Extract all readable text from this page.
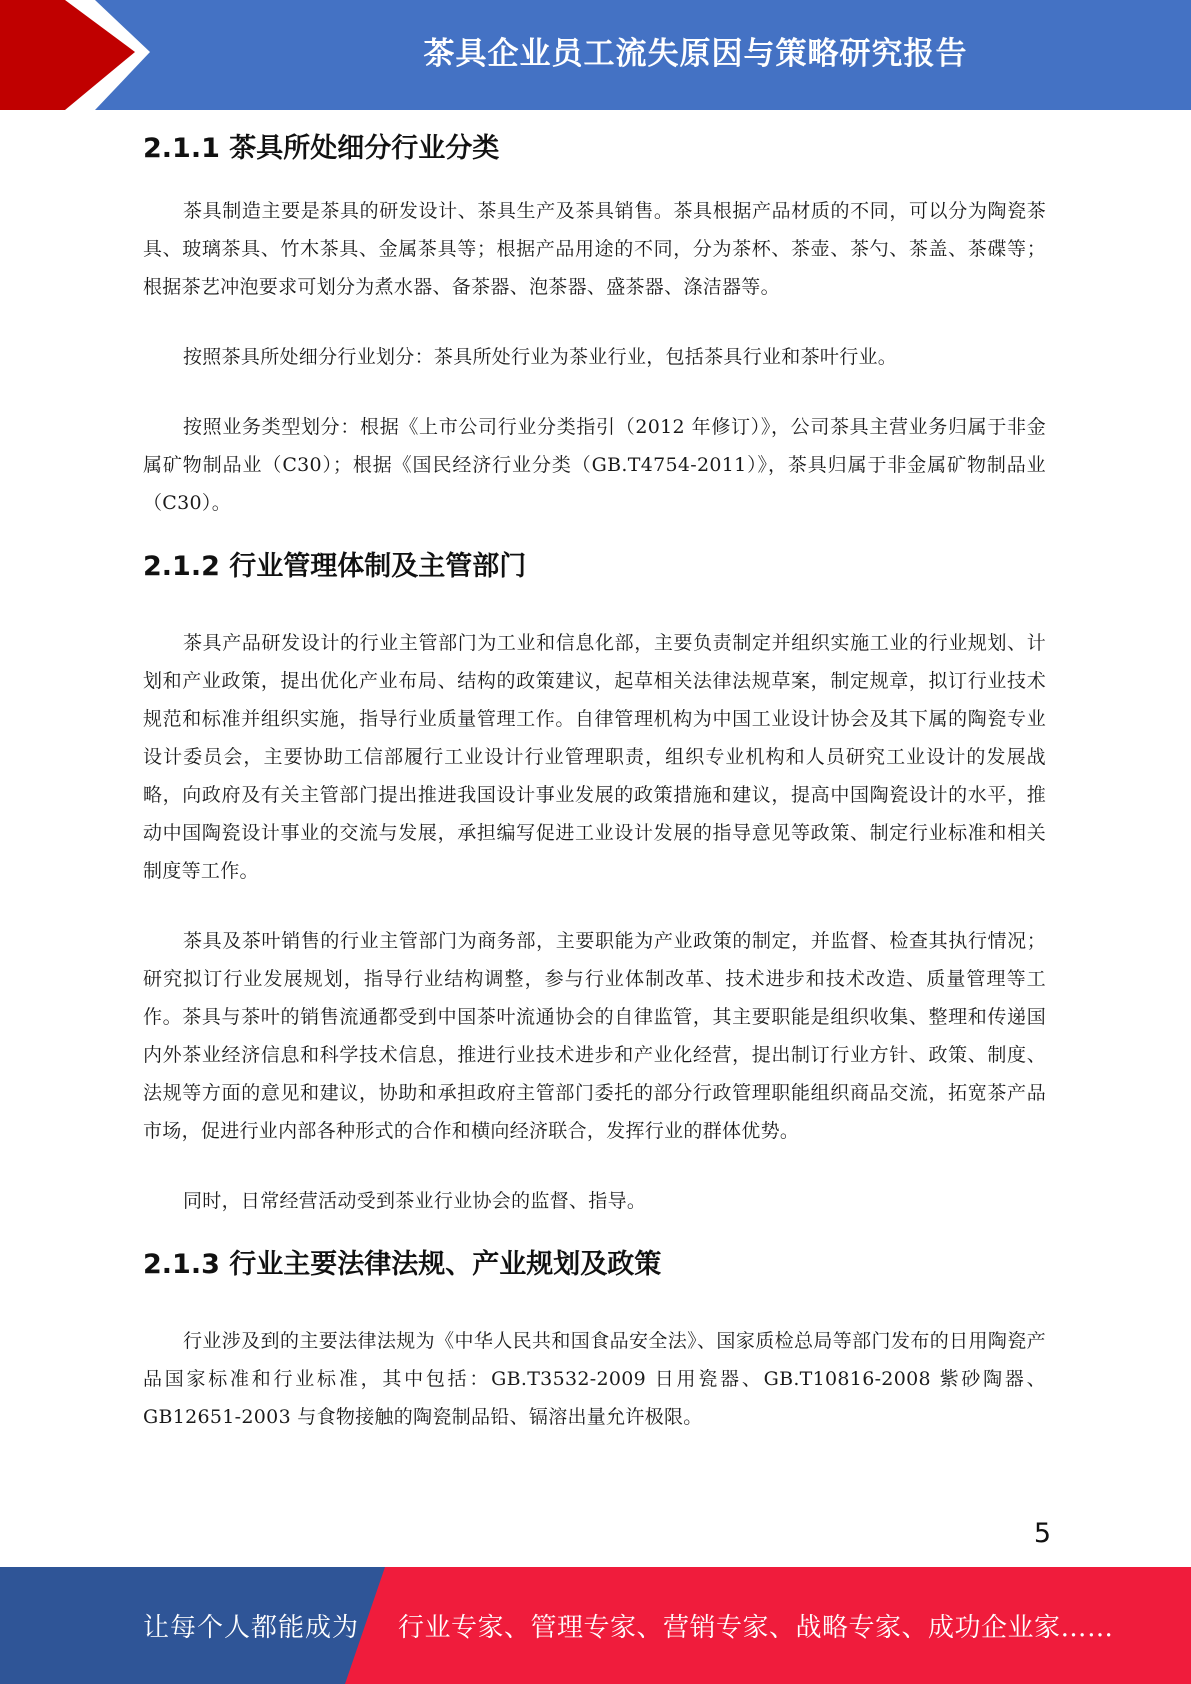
茶具企业员工流失原因与策略研究报告
2.1.1 茶具所处细分行业分类

茶具制造主要是茶具的研发设计、茶具生产及茶具销售。茶具根据产品材质的不同，可以分为陶瓷茶具、玻璃茶具、竹木茶具、金属茶具等；根据产品用途的不同，分为茶杯、茶壶、茶勺、茶盖、茶碟等；根据茶艺冲泡要求可划分为煮水器、备茶器、泡茶器、盛茶器、涤洁器等。

按照茶具所处细分行业划分：茶具所处行业为茶业行业，包括茶具行业和茶叶行业。

按照业务类型划分：根据《上市公司行业分类指引（2012 年修订）》，公司茶具主营业务归属于非金属矿物制品业（C30）；根据《国民经济行业分类（GB.T4754-2011）》，茶具归属于非金属矿物制品业（C30）。

2.1.2 行业管理体制及主管部门

茶具产品研发设计的行业主管部门为工业和信息化部，主要负责制定并组织实施工业的行业规划、计划和产业政策，提出优化产业布局、结构的政策建议，起草相关法律法规草案，制定规章，拟订行业技术规范和标准并组织实施，指导行业质量管理工作。自律管理机构为中国工业设计协会及其下属的陶瓷专业设计委员会，主要协助工信部履行工业设计行业管理职责，组织专业机构和人员研究工业设计的发展战略，向政府及有关主管部门提出推进我国设计事业发展的政策措施和建议，提高中国陶瓷设计的水平，推动中国陶瓷设计事业的交流与发展，承担编写促进工业设计发展的指导意见等政策、制定行业标准和相关制度等工作。

茶具及茶叶销售的行业主管部门为商务部，主要职能为产业政策的制定，并监督、检查其执行情况；研究拟订行业发展规划，指导行业结构调整，参与行业体制改革、技术进步和技术改造、质量管理等工作。茶具与茶叶的销售流通都受到中国茶叶流通协会的自律监管，其主要职能是组织收集、整理和传递国内外茶业经济信息和科学技术信息，推进行业技术进步和产业化经营，提出制订行业方针、政策、制度、法规等方面的意见和建议，协助和承担政府主管部门委托的部分行政管理职能组织商品交流，拓宽茶产品市场，促进行业内部各种形式的合作和横向经济联合，发挥行业的群体优势。

同时，日常经营活动受到茶业行业协会的监督、指导。

2.1.3 行业主要法律法规、产业规划及政策

行业涉及到的主要法律法规为《中华人民共和国食品安全法》、国家质检总局等部门发布的日用陶瓷产品国家标准和行业标准，其中包括：GB.T3532-2009 日用瓷器、GB.T10816-2008 紫砂陶器、GB12651-2003 与食物接触的陶瓷制品铅、镉溶出量允许极限。

5
让每个人都能成为 行业专家、管理专家、营销专家、战略专家、成功企业家……
